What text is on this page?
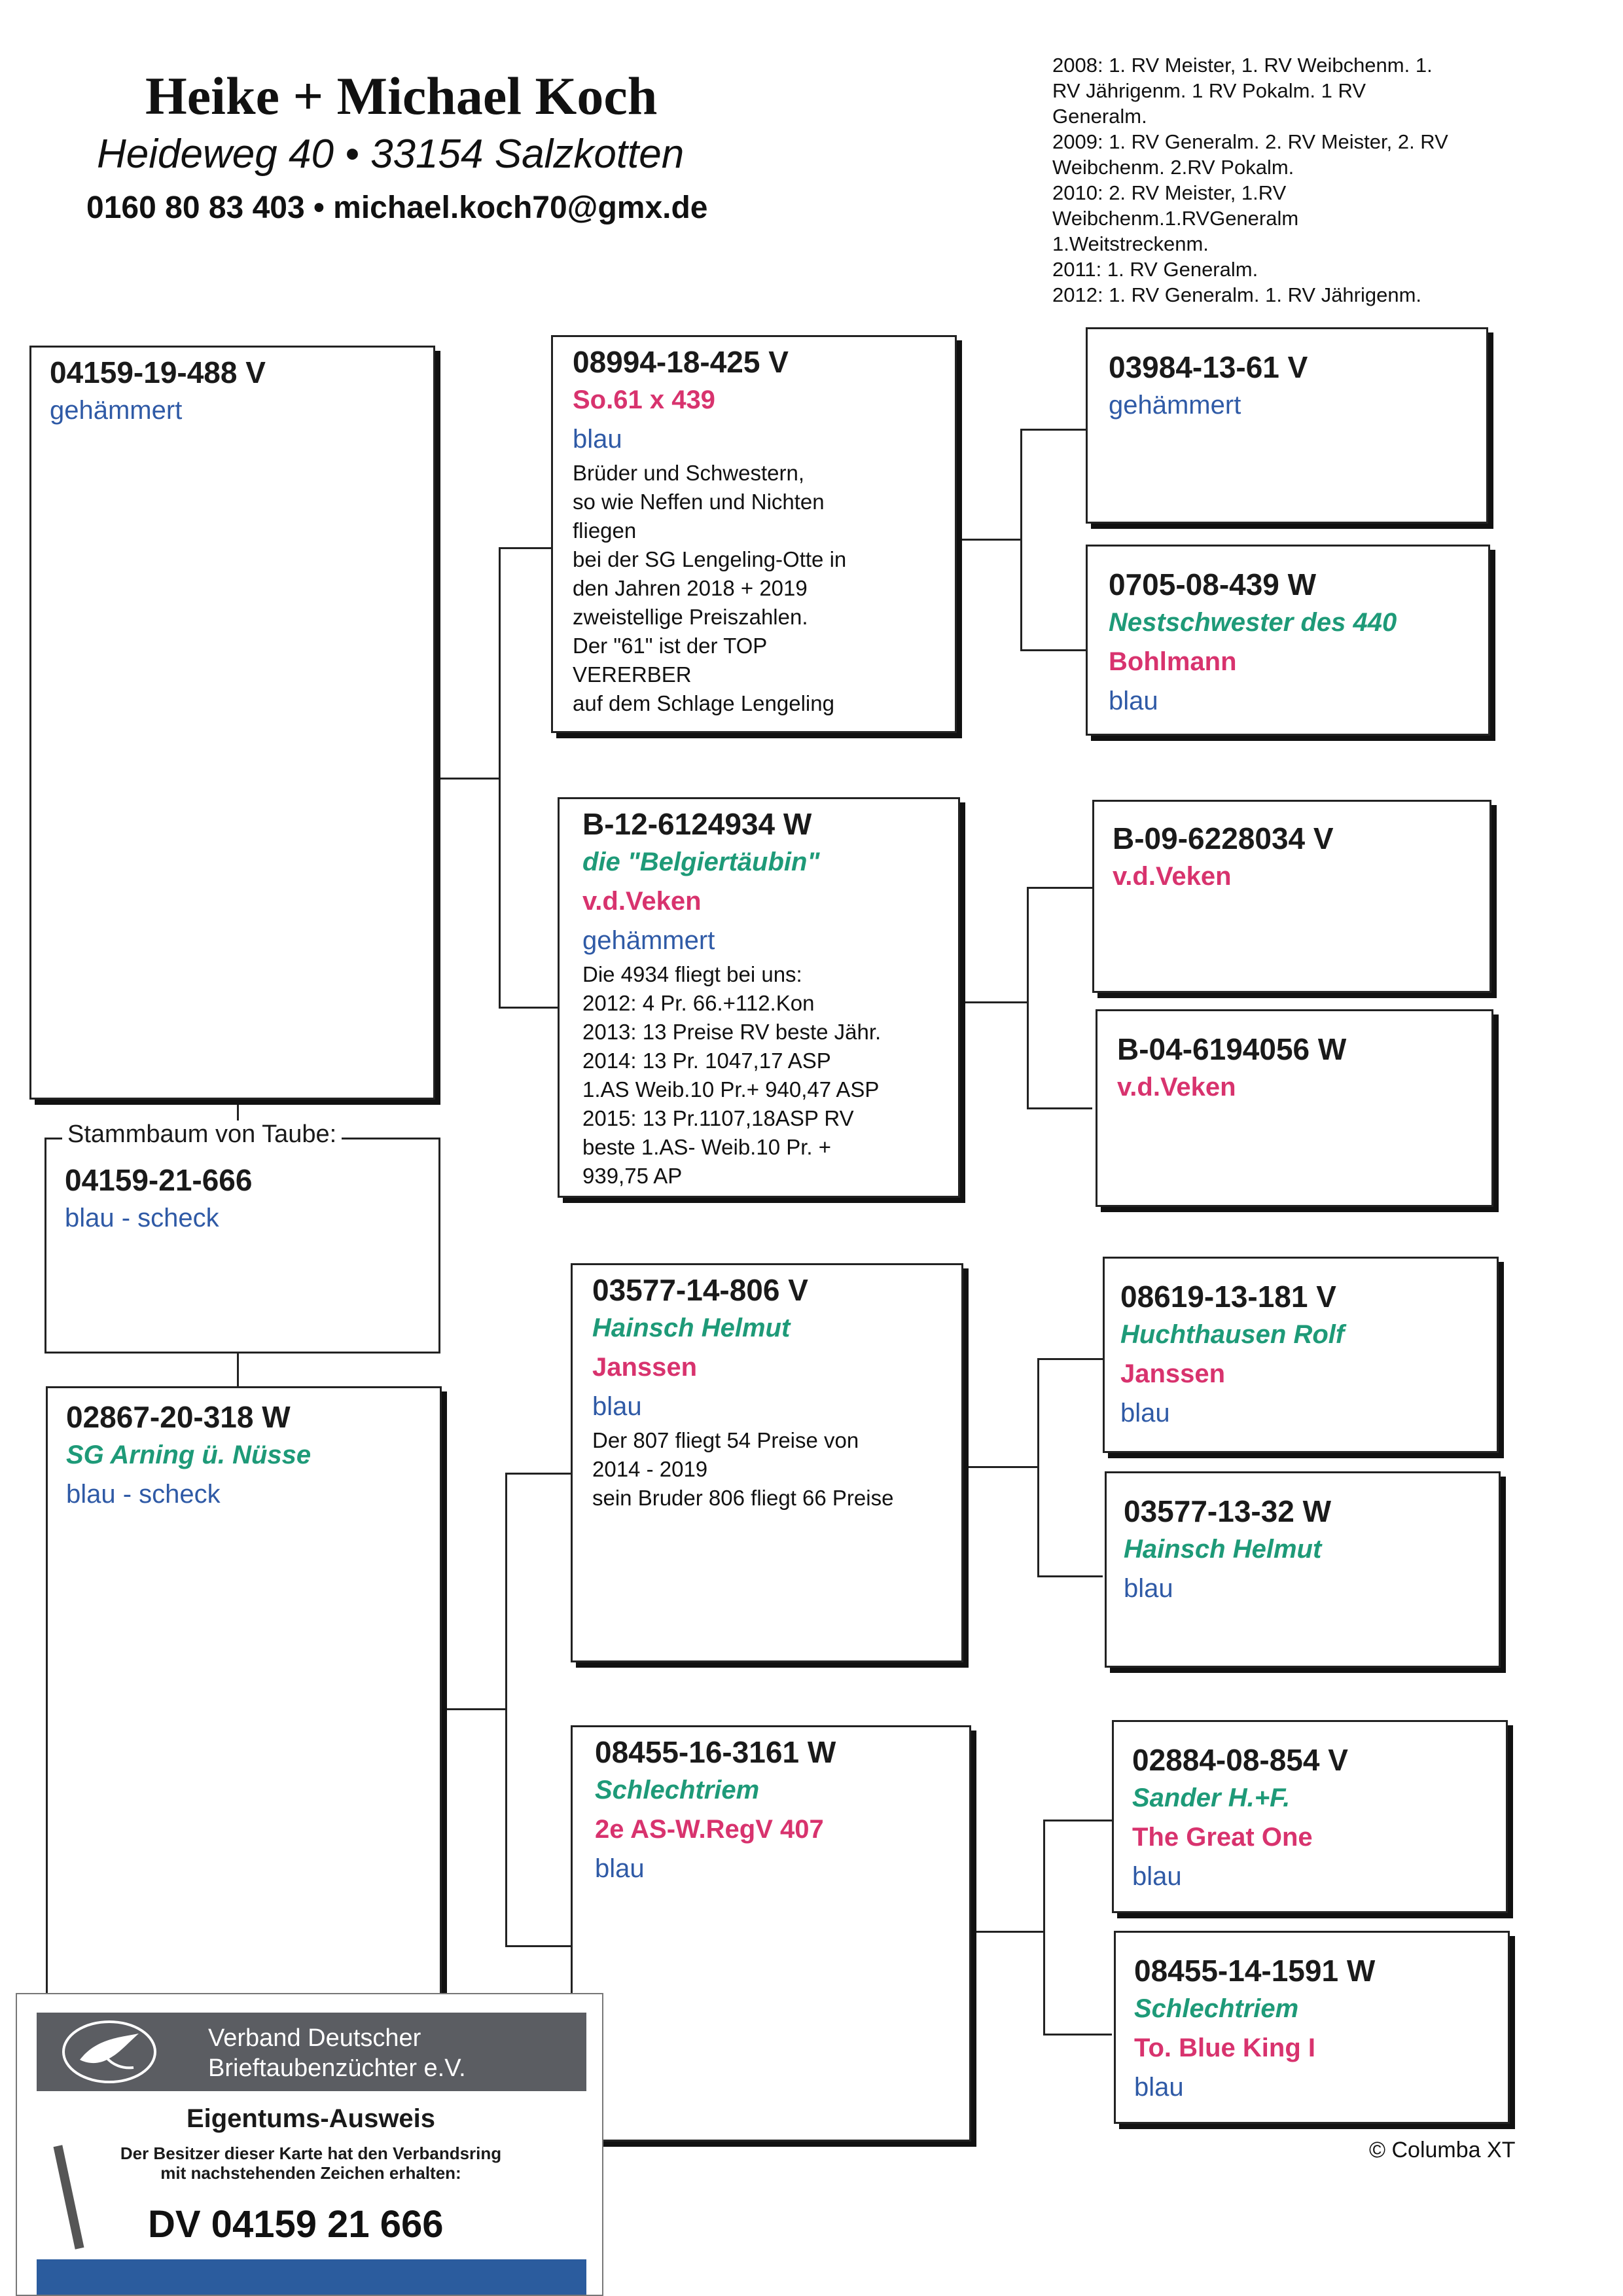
Heike + Michael Koch
Heideweg 40 • 33154 Salzkotten
0160 80 83 403 • michael.koch70@gmx.de
2008: 1. RV Meister, 1. RV Weibchenm. 1.
RV Jährigenm. 1 RV Pokalm. 1 RV
Generalm.
2009: 1. RV Generalm. 2. RV Meister, 2. RV
Weibchenm. 2.RV Pokalm.
2010: 2. RV Meister, 1.RV
Weibchenm.1.RVGeneralm
1.Weitstreckenm.
2011: 1. RV Generalm.
2012: 1. RV Generalm. 1. RV Jährigenm.
04159-19-488 V
gehämmert
04159-21-666
blau - scheck
Stammbaum von Taube:
02867-20-318 W
SG Arning ü. Nüsse
blau - scheck
08994-18-425 V
So.61 x 439
blau
Brüder und Schwestern,
so wie Neffen und Nichten
fliegen
bei der SG Lengeling-Otte in
den Jahren 2018 + 2019
zweistellige Preiszahlen.
Der "61" ist der TOP
VERERBER
auf dem Schlage Lengeling
B-12-6124934 W
die "Belgiertäubin"
v.d.Veken
gehämmert
Die 4934 fliegt bei uns:
2012: 4 Pr. 66.+112.Kon
2013: 13 Preise RV beste Jähr.
2014: 13 Pr. 1047,17 ASP
1.AS Weib.10 Pr.+ 940,47 ASP
2015: 13 Pr.1107,18ASP RV
beste 1.AS- Weib.10 Pr. +
939,75 AP
03577-14-806 V
Hainsch Helmut
Janssen
blau
Der 807 fliegt 54 Preise von
2014 - 2019
sein Bruder 806 fliegt 66 Preise
08455-16-3161 W
Schlechtriem
2e AS-W.RegV 407
blau
03984-13-61 V
gehämmert
0705-08-439 W
Nestschwester des 440
Bohlmann
blau
B-09-6228034 V
v.d.Veken
B-04-6194056 W
v.d.Veken
08619-13-181 V
Huchthausen Rolf
Janssen
blau
03577-13-32 W
Hainsch Helmut
blau
02884-08-854 V
Sander H.+F.
The Great One
blau
08455-14-1591 W
Schlechtriem
To. Blue King I
blau
© Columba XT
Verband Deutscher
Brieftaubenzüchter e.V.
Eigentums-Ausweis
Der Besitzer dieser Karte hat den Verbandsring
mit nachstehenden Zeichen erhalten:
DV 04159 21 666
